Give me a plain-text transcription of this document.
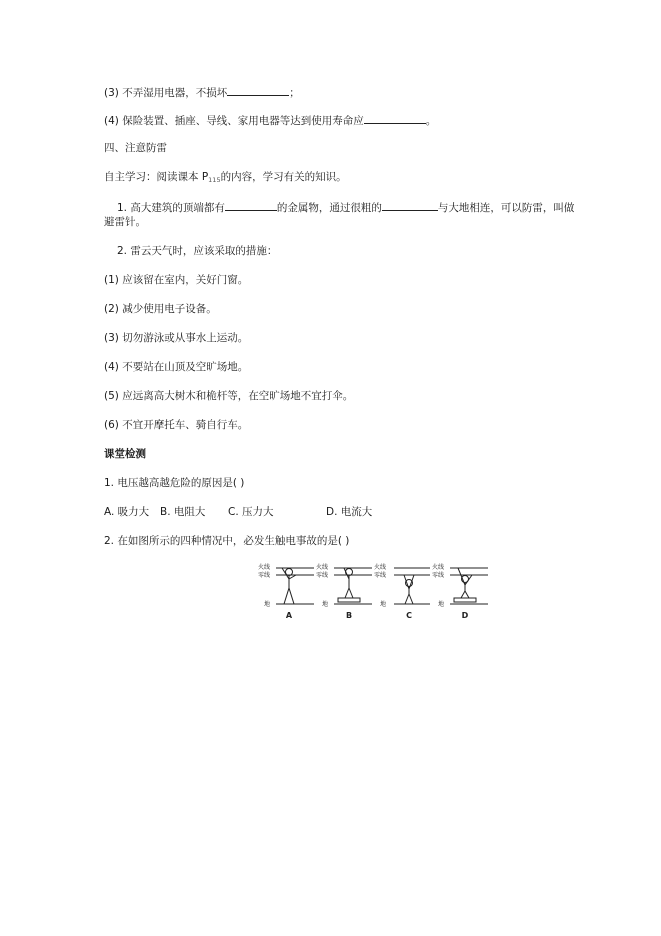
(3) 不弄湿用电器，不损坏	；
(4) 保险装置、插座、导线、家用电器等达到使用寿命应	。
四、注意防雷
自主学习：阅读课本 $P_{115}$的内容，学习有关的知识。
1. 高大建筑的顶端都有	的金属物，通过很粗的	与大地相连，可以防雷，叫做
避雷针。
2. 雷云天气时，应该采取的措施：
(1) 应该留在室内，关好门窗。
(2) 减少使用电子设备。
(3) 切勿游泳或从事水上运动。
(4) 不要站在山顶及空旷场地。
(5) 应远离高大树木和桅杆等，在空旷场地不宜打伞。
(6) 不宜开摩托车、骑自行车。
课堂检测
1. 电压越高越危险的原因是( )
A. 吸力大 B. 电阻大 C. 压力大	D. 电流大
2. 在如图所示的四种情况中，必发生触电事故的是( )
火线
零线
地
火线
零线
地
火线
零线
地
火线
零线
地
A	B	C	D
